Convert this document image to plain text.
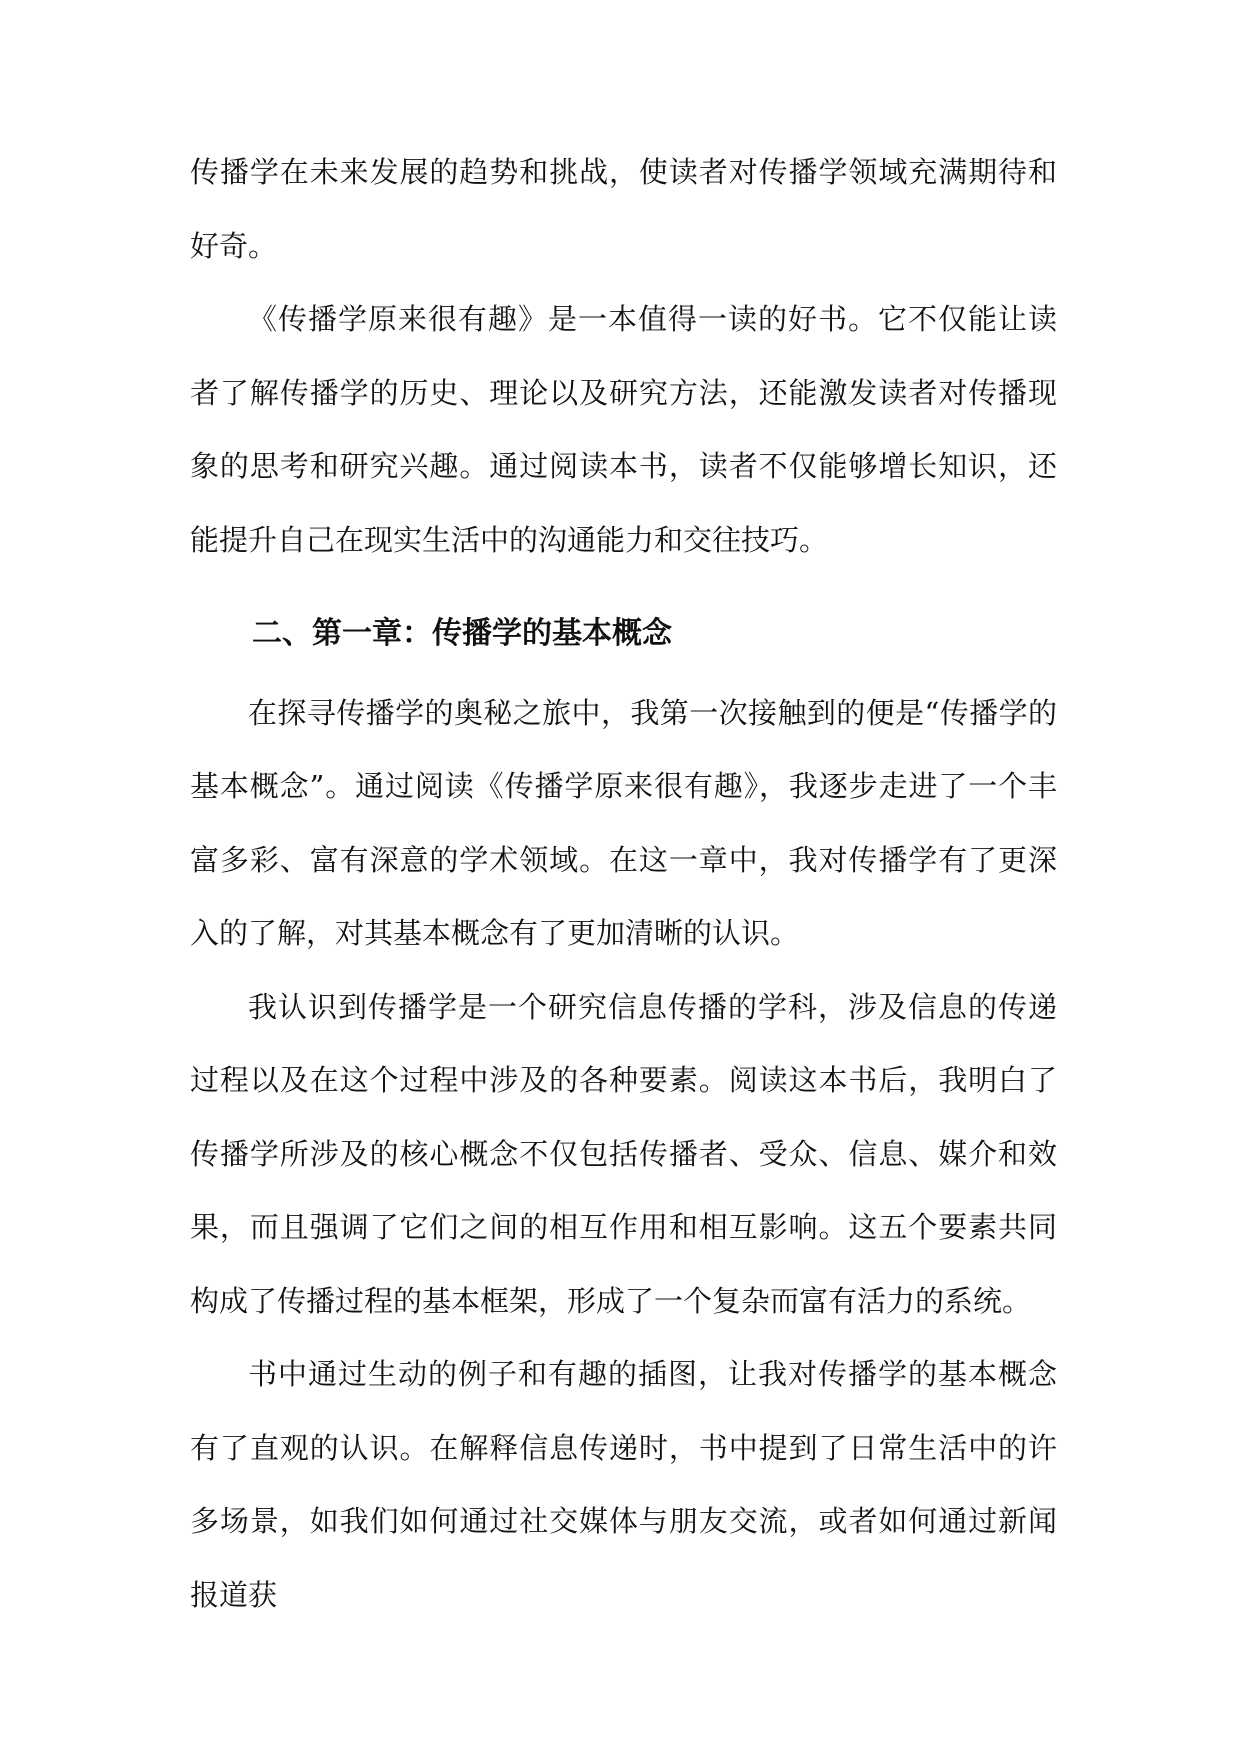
传播学在未来发展的趋势和挑战，使读者对传播学领域充满期待和好奇。

《传播学原来很有趣》是一本值得一读的好书。它不仅能让读者了解传播学的历史、理论以及研究方法，还能激发读者对传播现象的思考和研究兴趣。通过阅读本书，读者不仅能够增长知识，还能提升自己在现实生活中的沟通能力和交往技巧。

二、第一章：传播学的基本概念

在探寻传播学的奥秘之旅中，我第一次接触到的便是“传播学的基本概念”。通过阅读《传播学原来很有趣》，我逐步走进了一个丰富多彩、富有深意的学术领域。在这一章中，我对传播学有了更深入的了解，对其基本概念有了更加清晰的认识。

我认识到传播学是一个研究信息传播的学科，涉及信息的传递过程以及在这个过程中涉及的各种要素。阅读这本书后，我明白了传播学所涉及的核心概念不仅包括传播者、受众、信息、媒介和效果，而且强调了它们之间的相互作用和相互影响。这五个要素共同构成了传播过程的基本框架，形成了一个复杂而富有活力的系统。

书中通过生动的例子和有趣的插图，让我对传播学的基本概念有了直观的认识。在解释信息传递时，书中提到了日常生活中的许多场景，如我们如何通过社交媒体与朋友交流，或者如何通过新闻报道获
